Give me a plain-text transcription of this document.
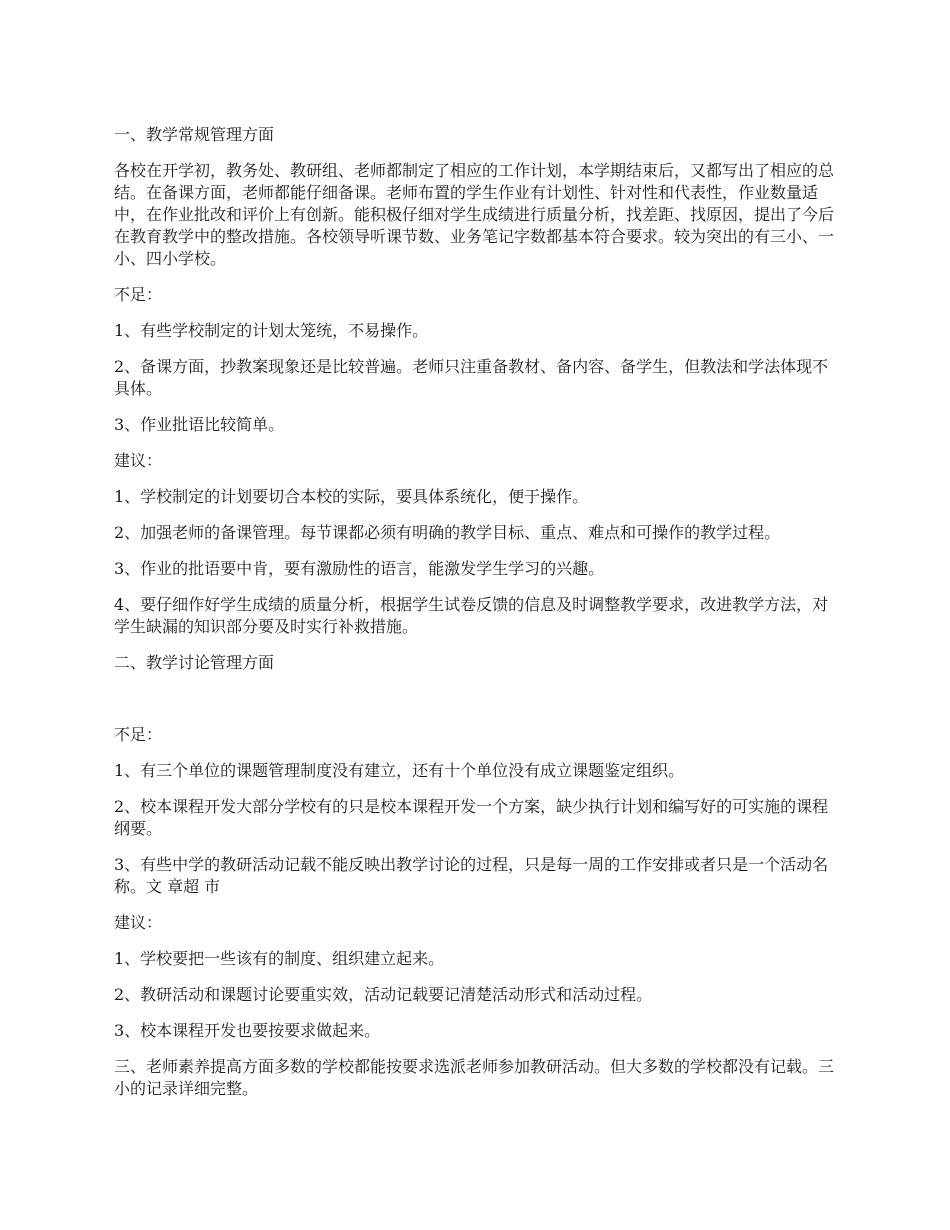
一、教学常规管理方面

各校在开学初，教务处、教研组、老师都制定了相应的工作计划，本学期结束后，又都写出了相应的总结。在备课方面，老师都能仔细备课。老师布置的学生作业有计划性、针对性和代表性，作业数量适中，在作业批改和评价上有创新。能积极仔细对学生成绩进行质量分析，找差距、找原因，提出了今后在教育教学中的整改措施。各校领导听课节数、业务笔记字数都基本符合要求。较为突出的有三小、一小、四小学校。

不足：

1、有些学校制定的计划太笼统，不易操作。

2、备课方面，抄教案现象还是比较普遍。老师只注重备教材、备内容、备学生，但教法和学法体现不具体。

3、作业批语比较简单。

建议：

1、学校制定的计划要切合本校的实际，要具体系统化，便于操作。

2、加强老师的备课管理。每节课都必须有明确的教学目标、重点、难点和可操作的教学过程。

3、作业的批语要中肯，要有激励性的语言，能激发学生学习的兴趣。

4、要仔细作好学生成绩的质量分析，根据学生试卷反馈的信息及时调整教学要求，改进教学方法，对学生缺漏的知识部分要及时实行补救措施。

二、教学讨论管理方面

不足：

1、有三个单位的课题管理制度没有建立，还有十个单位没有成立课题鉴定组织。

2、校本课程开发大部分学校有的只是校本课程开发一个方案，缺少执行计划和编写好的可实施的课程纲要。

3、有些中学的教研活动记载不能反映出教学讨论的过程，只是每一周的工作安排或者只是一个活动名称。文 章超 市

建议：

1、学校要把一些该有的制度、组织建立起来。

2、教研活动和课题讨论要重实效，活动记载要记清楚活动形式和活动过程。

3、校本课程开发也要按要求做起来。

三、老师素养提高方面多数的学校都能按要求选派老师参加教研活动。但大多数的学校都没有记载。三小的记录详细完整。
